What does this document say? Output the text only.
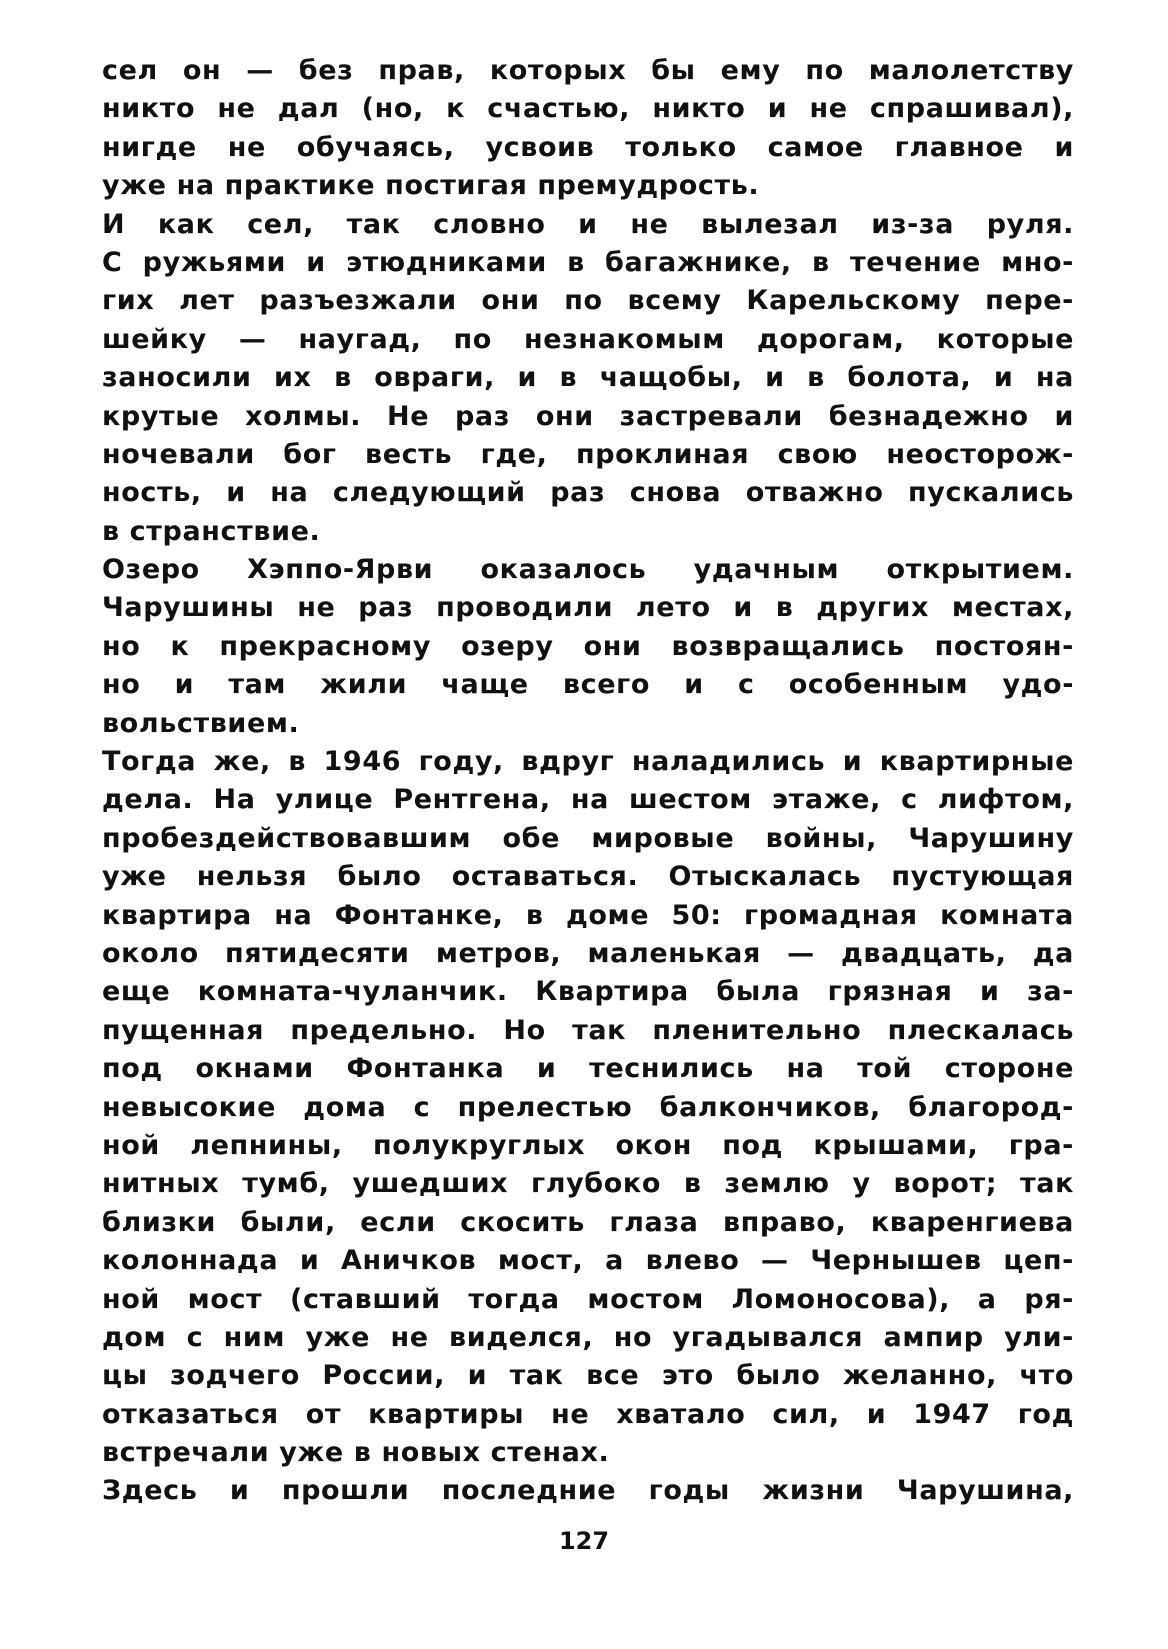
сел он — без прав, которых бы ему по малолетству
никто не дал (но, к счастью, никто и не спрашивал),
нигде не обучаясь, усвоив только самое главное и
уже на практике постигая премудрость.
И как сел, так словно и не вылезал из-за руля.
С ружьями и этюдниками в багажнике, в течение мно-
гих лет разъезжали они по всему Карельскому пере-
шейку — наугад, по незнакомым дорогам, которые
заносили их в овраги, и в чащобы, и в болота, и на
крутые холмы. Не раз они застревали безнадежно и
ночевали бог весть где, проклиная свою неосторож-
ность, и на следующий раз снова отважно пускались
в странствие.
Озеро Хэппо-Ярви оказалось удачным открытием.
Чарушины не раз проводили лето и в других местах,
но к прекрасному озеру они возвращались постоян-
но и там жили чаще всего и с особенным удо-
вольствием.
Тогда же, в 1946 году, вдруг наладились и квартирные
дела. На улице Рентгена, на шестом этаже, с лифтом,
пробездействовавшим обе мировые войны, Чарушину
уже нельзя было оставаться. Отыскалась пустующая
квартира на Фонтанке, в доме 50: громадная комната
около пятидесяти метров, маленькая — двадцать, да
еще комната-чуланчик. Квартира была грязная и за-
пущенная предельно. Но так пленительно плескалась
под окнами Фонтанка и теснились на той стороне
невысокие дома с прелестью балкончиков, благород-
ной лепнины, полукруглых окон под крышами, гра-
нитных тумб, ушедших глубоко в землю у ворот; так
близки были, если скосить глаза вправо, кваренгиева
колоннада и Аничков мост, а влево — Чернышев цеп-
ной мост (ставший тогда мостом Ломоносова), а ря-
дом с ним уже не виделся, но угадывался ампир ули-
цы зодчего России, и так все это было желанно, что
отказаться от квартиры не хватало сил, и 1947 год
встречали уже в новых стенах.
Здесь и прошли последние годы жизни Чарушина,
127
